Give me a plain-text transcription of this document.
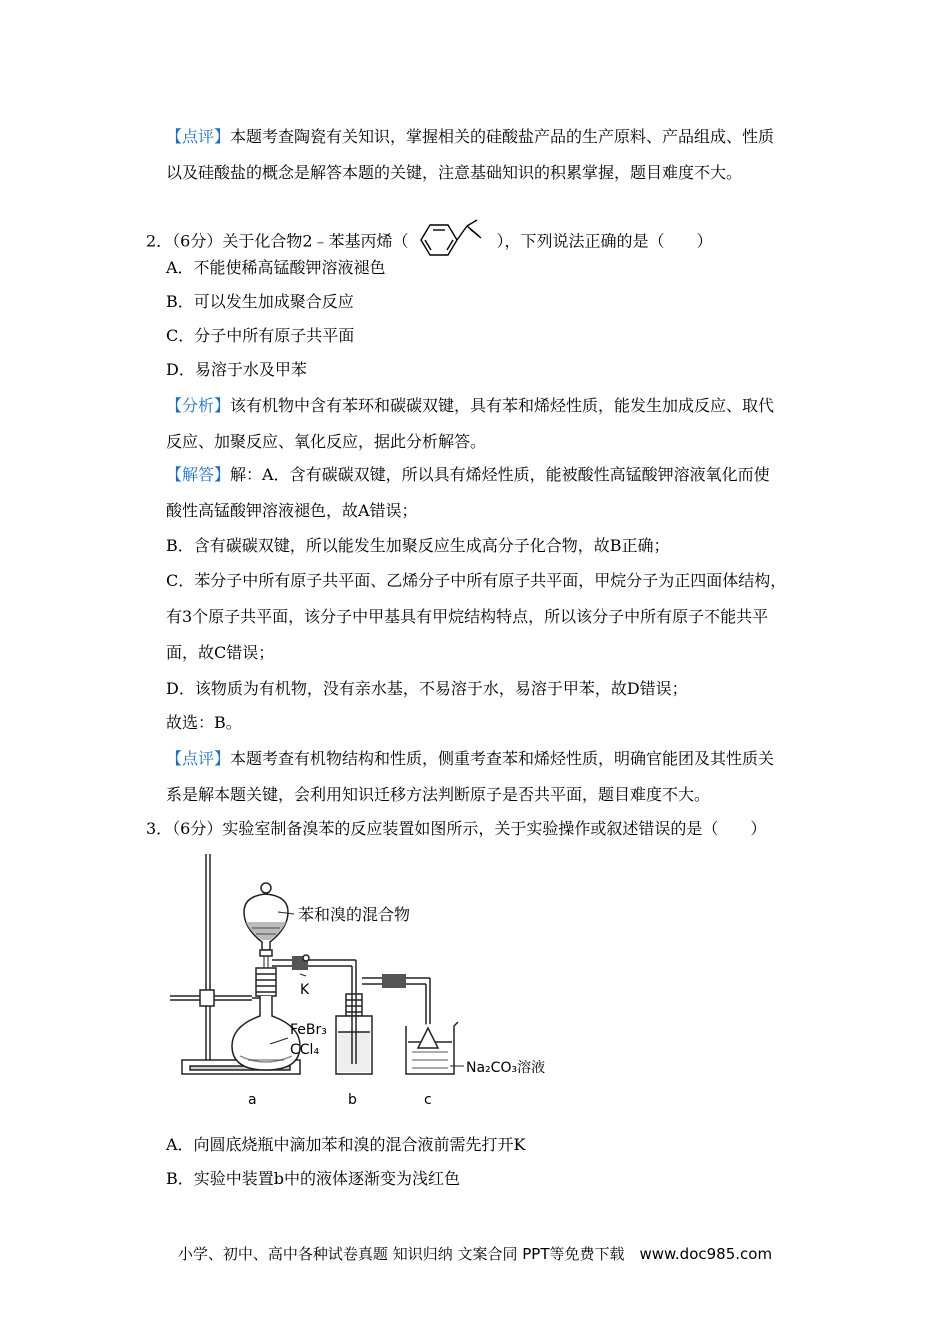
【点评】本题考查陶瓷有关知识，掌握相关的硅酸盐产品的生产原料、产品组成、性质
以及硅酸盐的概念是解答本题的关键，注意基础知识的积累掌握，题目难度不大。
2．（6分）关于化合物2﹣苯基丙烯（	），下列说法正确的是（　　）
A．不能使稀高锰酸钾溶液褪色
B．可以发生加成聚合反应
C．分子中所有原子共平面
D．易溶于水及甲苯
【分析】该有机物中含有苯环和碳碳双键，具有苯和烯烃性质，能发生加成反应、取代
反应、加聚反应、氧化反应，据此分析解答。
【解答】解：A．含有碳碳双键，所以具有烯烃性质，能被酸性高锰酸钾溶液氧化而使
酸性高锰酸钾溶液褪色，故A错误；
B．含有碳碳双键，所以能发生加聚反应生成高分子化合物，故B正确；
C．苯分子中所有原子共平面、乙烯分子中所有原子共平面，甲烷分子为正四面体结构，
有3个原子共平面，该分子中甲基具有甲烷结构特点，所以该分子中所有原子不能共平
面，故C错误；
D．该物质为有机物，没有亲水基，不易溶于水，易溶于甲苯，故D错误；
故选：B。
【点评】本题考查有机物结构和性质，侧重考查苯和烯烃性质，明确官能团及其性质关
系是解本题关键，会利用知识迁移方法判断原子是否共平面，题目难度不大。
3．（6分）实验室制备溴苯的反应装置如图所示，关于实验操作或叙述错误的是（　　）
苯和溴的混合物
K
FeBr₃
CCl₄
Na₂CO₃溶液
a	b	c
A．向圆底烧瓶中滴加苯和溴的混合液前需先打开K
B．实验中装置b中的液体逐渐变为浅红色
小学、初中、高中各种试卷真题 知识归纳 文案合同 PPT等免费下载　www.doc985.com
